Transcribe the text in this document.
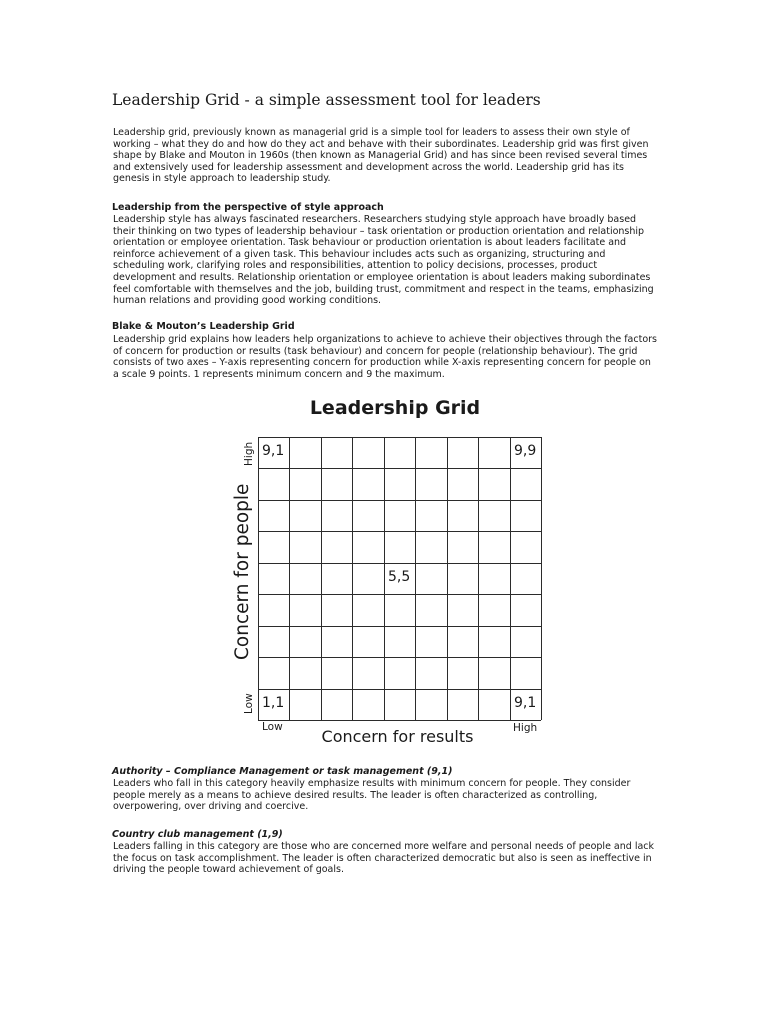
Leadership Grid - a simple assessment tool for leaders

Leadership grid, previously known as managerial grid is a simple tool for leaders to assess their own style of working – what they do and how do they act and behave with their subordinates. Leadership grid was first given shape by Blake and Mouton in 1960s (then known as Managerial Grid) and has since been revised several times and extensively used for leadership assessment and development across the world. Leadership grid has its genesis in style approach to leadership study.

Leadership from the perspective of style approach

Leadership style has always fascinated researchers. Researchers studying style approach have broadly based their thinking on two types of leadership behaviour – task orientation or production orientation and relationship orientation or employee orientation. Task behaviour or production orientation is about leaders facilitate and reinforce achievement of a given task. This behaviour includes acts such as organizing, structuring and scheduling work, clarifying roles and responsibilities, attention to policy decisions, processes, product development and results. Relationship orientation or employee orientation is about leaders making subordinates feel comfortable with themselves and the job, building trust, commitment and respect in the teams, emphasizing human relations and providing good working conditions.

Blake & Mouton’s Leadership Grid

Leadership grid explains how leaders help organizations to achieve to achieve their objectives through the factors of concern for production or results (task behaviour) and concern for people (relationship behaviour). The grid consists of two axes – Y-axis representing concern for production while X-axis representing concern for people on a scale 9 points. 1 represents minimum concern and 9 the maximum.

Leadership Grid
High
Concern for people
Low
9,1	9,9
5,5
1,1	9,1
Low	Concern for results	High
Authority – Compliance Management or task management (9,1)

Leaders who fall in this category heavily emphasize results with minimum concern for people. They consider people merely as a means to achieve desired results. The leader is often characterized as controlling, overpowering, over driving and coercive.

Country club management (1,9)

Leaders falling in this category are those who are concerned more welfare and personal needs of people and lack the focus on task accomplishment. The leader is often characterized democratic but also is seen as ineffective in driving the people toward achievement of goals.
